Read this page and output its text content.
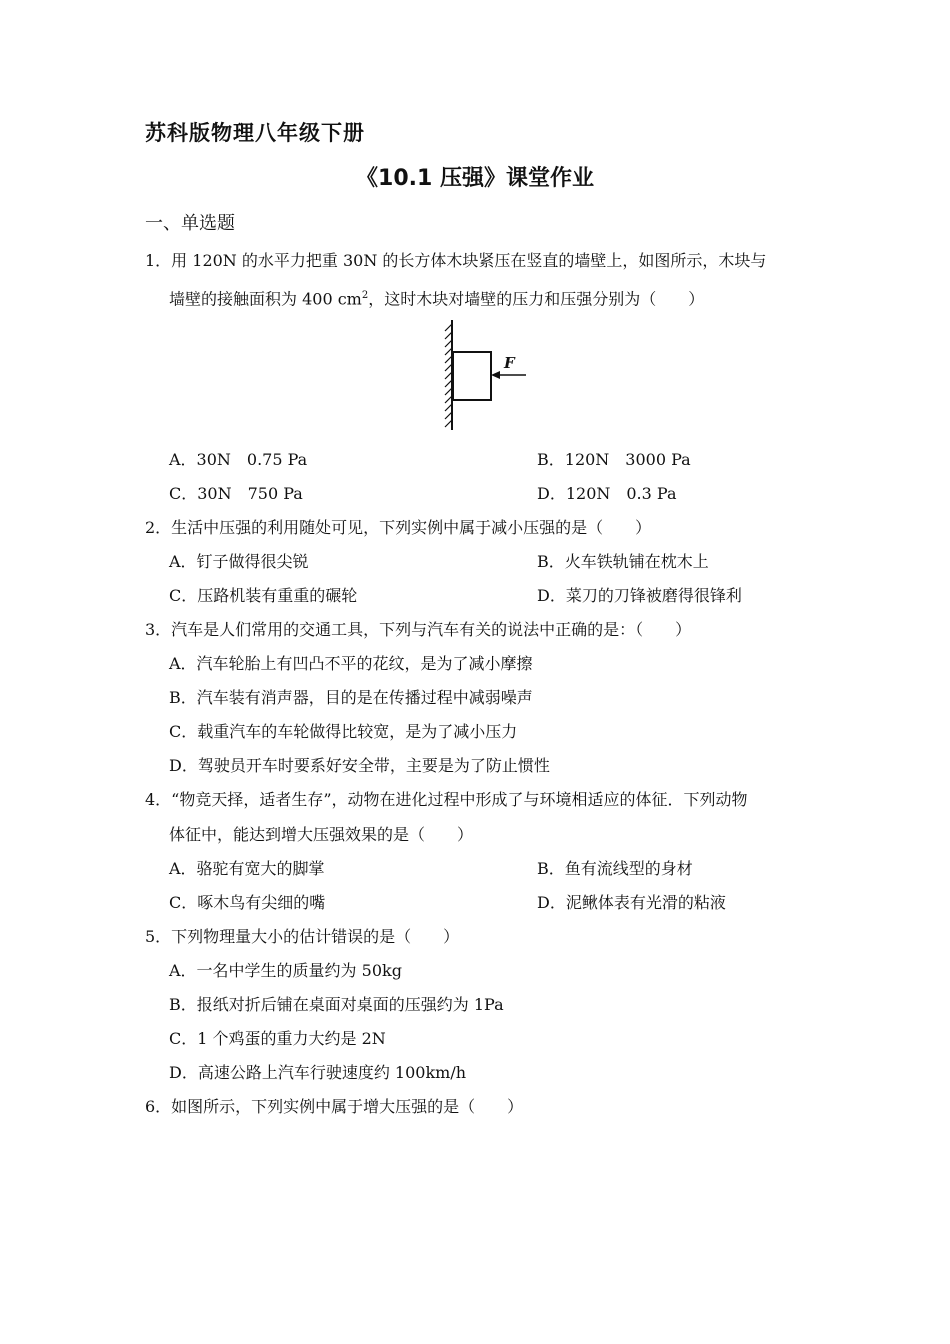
苏科版物理八年级下册
《10.1 压强》课堂作业
一、单选题
1．用 120N 的水平力把重 30N 的长方体木块紧压在竖直的墙壁上，如图所示，木块与
墙壁的接触面积为 400 $cm^2$，这时木块对墙壁的压力和压强分别为（　　）
F
A．30N　0.75 Pa	B．120N　3000 Pa
C．30N　750 Pa	D．120N　0.3 Pa
2．生活中压强的利用随处可见，下列实例中属于减小压强的是（　　）
A．钉子做得很尖锐	B．火车铁轨铺在枕木上
C．压路机装有重重的碾轮	D．菜刀的刀锋被磨得很锋利
3．汽车是人们常用的交通工具，下列与汽车有关的说法中正确的是：（　　）
A．汽车轮胎上有凹凸不平的花纹，是为了减小摩擦
B．汽车装有消声器，目的是在传播过程中减弱噪声
C．载重汽车的车轮做得比较宽，是为了减小压力
D．驾驶员开车时要系好安全带，主要是为了防止惯性
4．“物竞天择，适者生存”，动物在进化过程中形成了与环境相适应的体征．下列动物
体征中，能达到增大压强效果的是（　　）
A．骆驼有宽大的脚掌	B．鱼有流线型的身材
C．啄木鸟有尖细的嘴	D．泥鳅体表有光滑的粘液
5．下列物理量大小的估计错误的是（　　）
A．一名中学生的质量约为 50kg
B．报纸对折后铺在桌面对桌面的压强约为 1Pa
C．1 个鸡蛋的重力大约是 2N
D．高速公路上汽车行驶速度约 100km/h
6．如图所示，下列实例中属于增大压强的是（　　）
